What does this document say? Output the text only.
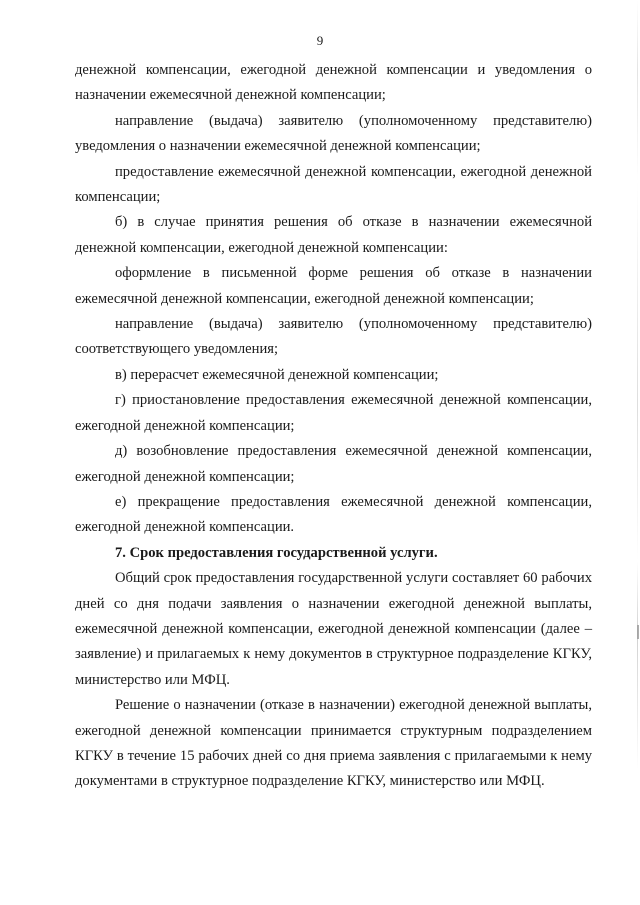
9

денежной компенсации, ежегодной денежной компенсации и уведомления о назначении ежемесячной денежной компенсации;

направление (выдача) заявителю (уполномоченному представителю) уведомления о назначении ежемесячной денежной компенсации;

предоставление ежемесячной денежной компенсации, ежегодной денежной компенсации;

б) в случае принятия решения об отказе в назначении ежемесячной денежной компенсации, ежегодной денежной компенсации:

оформление в письменной форме решения об отказе в назначении ежемесячной денежной компенсации, ежегодной денежной компенсации;

направление (выдача) заявителю (уполномоченному представителю) соответствующего уведомления;

в) перерасчет ежемесячной денежной компенсации;

г) приостановление предоставления ежемесячной денежной компенсации, ежегодной денежной компенсации;

д) возобновление предоставления ежемесячной денежной компенсации, ежегодной денежной компенсации;

е) прекращение предоставления ежемесячной денежной компенсации, ежегодной денежной компенсации.

7. Срок предоставления государственной услуги.

Общий срок предоставления государственной услуги составляет 60 рабочих дней со дня подачи заявления о назначении ежегодной денежной выплаты, ежемесячной денежной компенсации, ежегодной денежной компенсации (далее – заявление) и прилагаемых к нему документов в структурное подразделение КГКУ, министерство или МФЦ.

Решение о назначении (отказе в назначении) ежегодной денежной выплаты, ежегодной денежной компенсации принимается структурным подразделением КГКУ в течение 15 рабочих дней со дня приема заявления с прилагаемыми к нему документами в структурное подразделение КГКУ, министерство или МФЦ.
